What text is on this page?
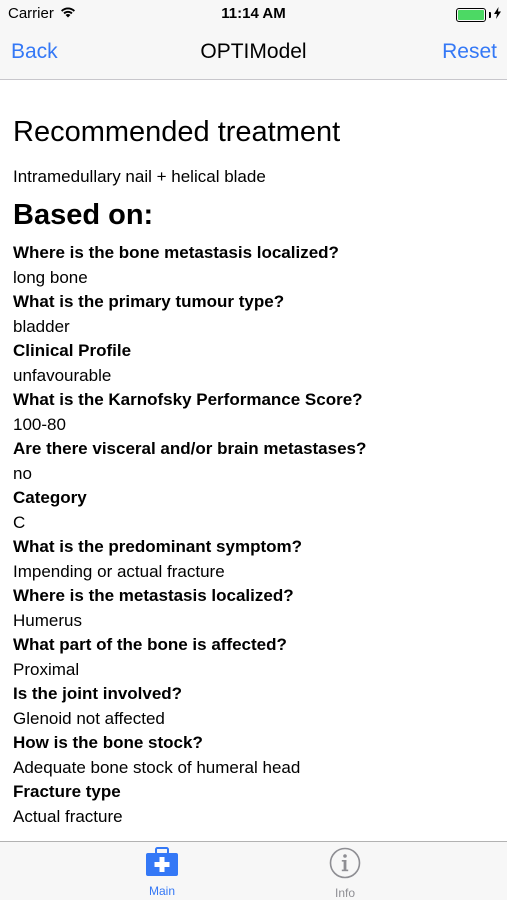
Carrier	11:14 AM
Back	OPTIModel	Reset
Recommended treatment

Intramedullary nail + helical blade

Based on:
Where is the bone metastasis localized?
long bone
What is the primary tumour type?
bladder
Clinical Profile
unfavourable
What is the Karnofsky Performance Score?
100-80
Are there visceral and/or brain metastases?
no
Category
C
What is the predominant symptom?
Impending or actual fracture
Where is the metastasis localized?
Humerus
What part of the bone is affected?
Proximal
Is the joint involved?
Glenoid not affected
How is the bone stock?
Adequate bone stock of humeral head
Fracture type
Actual fracture
Main	Info
